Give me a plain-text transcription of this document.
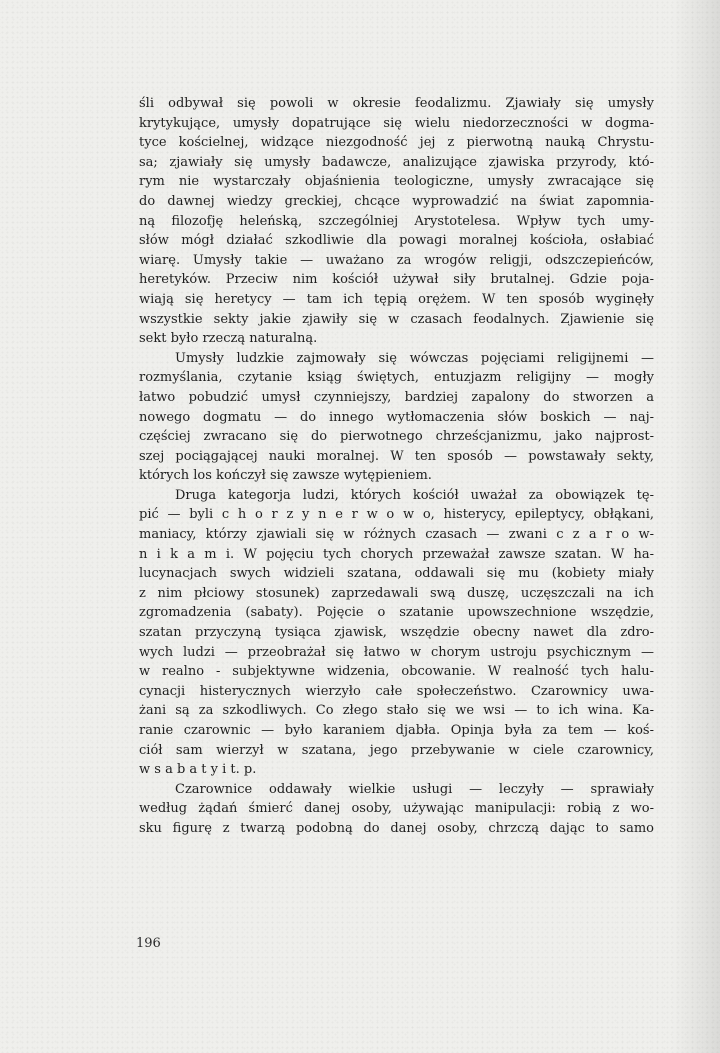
śli odbywał się powoli w okresie feodalizmu. Zjawiały się umysły
krytykujące, umysły dopatrujące się wielu niedorzeczności w dogma-
tyce kościelnej, widzące niezgodność jej z pierwotną nauką Chrystu-
sa; zjawiały się umysły badawcze, analizujące zjawiska przyrody, któ-
rym nie wystarczały objaśnienia teologiczne, umysły zwracające się
do dawnej wiedzy greckiej, chcące wyprowadzić na świat zapomnia-
ną filozofję heleńską, szczególniej Arystotelesa. Wpływ tych umy-
słów mógł działać szkodliwie dla powagi moralnej kościoła, osłabiać
wiarę. Umysły takie — uważano za wrogów religji, odszczepieńców,
heretyków. Przeciw nim kościół używał siły brutalnej. Gdzie poja-
wiają się heretycy — tam ich tępią orężem. W ten sposób wyginęły
wszystkie sekty jakie zjawiły się w czasach feodalnych. Zjawienie się
sekt było rzeczą naturalną.
Umysły ludzkie zajmowały się wówczas pojęciami religijnemi —
rozmyślania, czytanie ksiąg świętych, entuzjazm religijny — mogły
łatwo pobudzić umysł czynniejszy, bardziej zapalony do stworzen a
nowego dogmatu — do innego wytłomaczenia słów boskich — naj-
częściej zwracano się do pierwotnego chrześcjanizmu, jako najprost-
szej pociągającej nauki moralnej. W ten sposób — powstawały sekty,
których los kończył się zawsze wytępieniem.
Druga kategorja ludzi, których kościół uważał za obowiązek tę-
pić — byli c h o r z y n e r w o w o, histerycy, epileptycy, obłąkani,
maniacy, którzy zjawiali się w różnych czasach — zwani c z a r o w-
n i k a m i. W pojęciu tych chorych przeważał zawsze szatan. W ha-
lucynacjach swych widzieli szatana, oddawali się mu (kobiety miały
z nim płciowy stosunek) zaprzedawali swą duszę, uczęszczali na ich
zgromadzenia (sabaty). Pojęcie o szatanie upowszechnione wszędzie,
szatan przyczyną tysiąca zjawisk, wszędzie obecny nawet dla zdro-
wych ludzi — przeobrażał się łatwo w chorym ustroju psychicznym —
w realno - subjektywne widzenia, obcowanie. W realność tych halu-
cynacji histerycznych wierzyło całe społeczeństwo. Czarownicy uwa-
żani są za szkodliwych. Co złego stało się we wsi — to ich wina. Ka-
ranie czarownic — było karaniem djabła. Opinja była za tem — koś-
ciół sam wierzył w szatana, jego przebywanie w ciele czarownicy,
w s a b a t y i t. p.
Czarownice oddawały wielkie usługi — leczyły — sprawiały
według żądań śmierć danej osoby, używając manipulacji: robią z wo-
sku figurę z twarzą podobną do danej osoby, chrzczą dając to samo
196
